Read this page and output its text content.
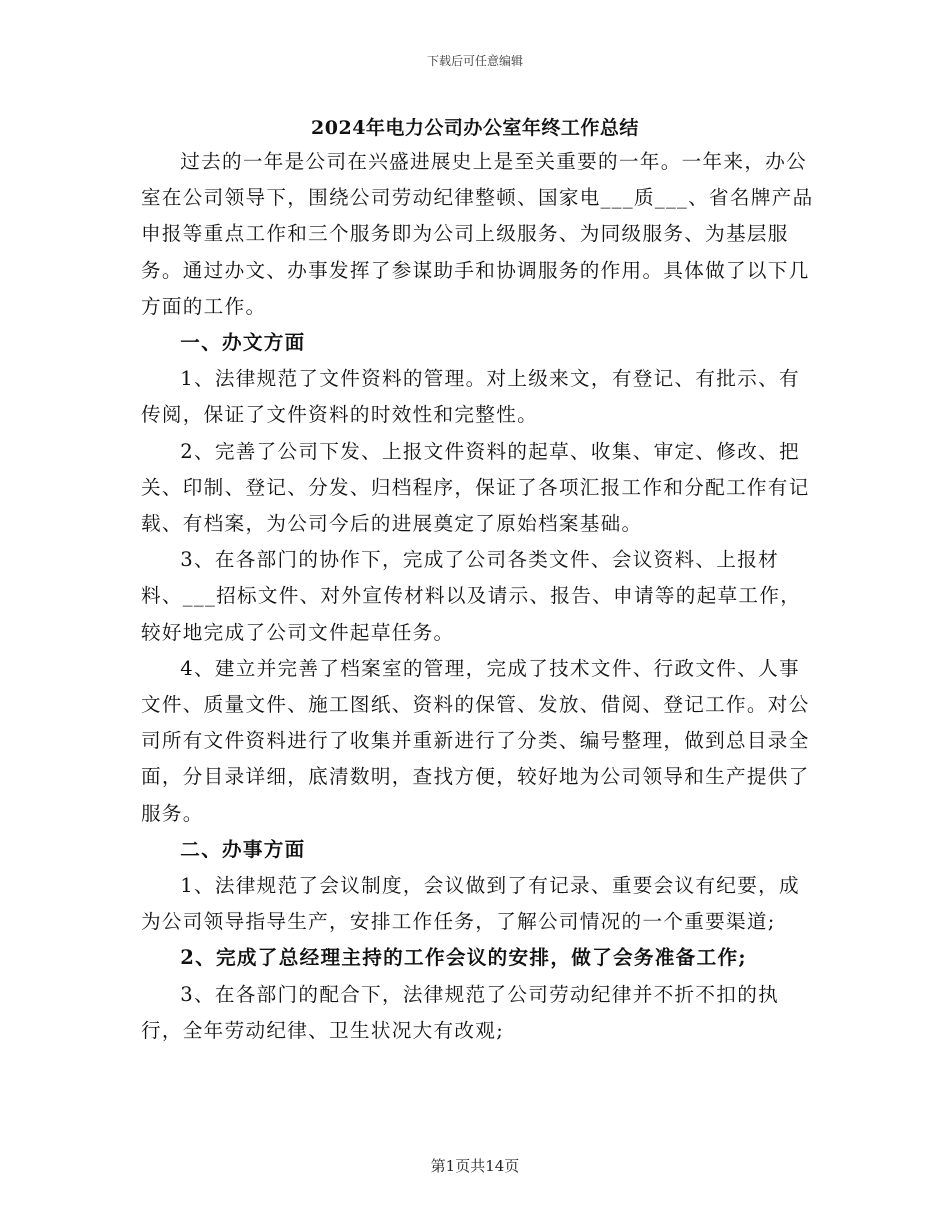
下载后可任意编辑
2024年电力公司办公室年终工作总结

过去的一年是公司在兴盛进展史上是至关重要的一年。一年来，办公室在公司领导下，围绕公司劳动纪律整顿、国家电___质___、省名牌产品申报等重点工作和三个服务即为公司上级服务、为同级服务、为基层服务。通过办文、办事发挥了参谋助手和协调服务的作用。具体做了以下几方面的工作。

一、办文方面

1、法律规范了文件资料的管理。对上级来文，有登记、有批示、有传阅，保证了文件资料的时效性和完整性。

2、完善了公司下发、上报文件资料的起草、收集、审定、修改、把关、印制、登记、分发、归档程序，保证了各项汇报工作和分配工作有记载、有档案，为公司今后的进展奠定了原始档案基础。

3、在各部门的协作下，完成了公司各类文件、会议资料、上报材料、___招标文件、对外宣传材料以及请示、报告、申请等的起草工作，较好地完成了公司文件起草任务。

4、建立并完善了档案室的管理，完成了技术文件、行政文件、人事文件、质量文件、施工图纸、资料的保管、发放、借阅、登记工作。对公司所有文件资料进行了收集并重新进行了分类、编号整理，做到总目录全面，分目录详细，底清数明，查找方便，较好地为公司领导和生产提供了服务。

二、办事方面

1、法律规范了会议制度，会议做到了有记录、重要会议有纪要，成为公司领导指导生产，安排工作任务，了解公司情况的一个重要渠道;

2、完成了总经理主持的工作会议的安排，做了会务准备工作;

3、在各部门的配合下，法律规范了公司劳动纪律并不折不扣的执行，全年劳动纪律、卫生状况大有改观;

第1页共14页
